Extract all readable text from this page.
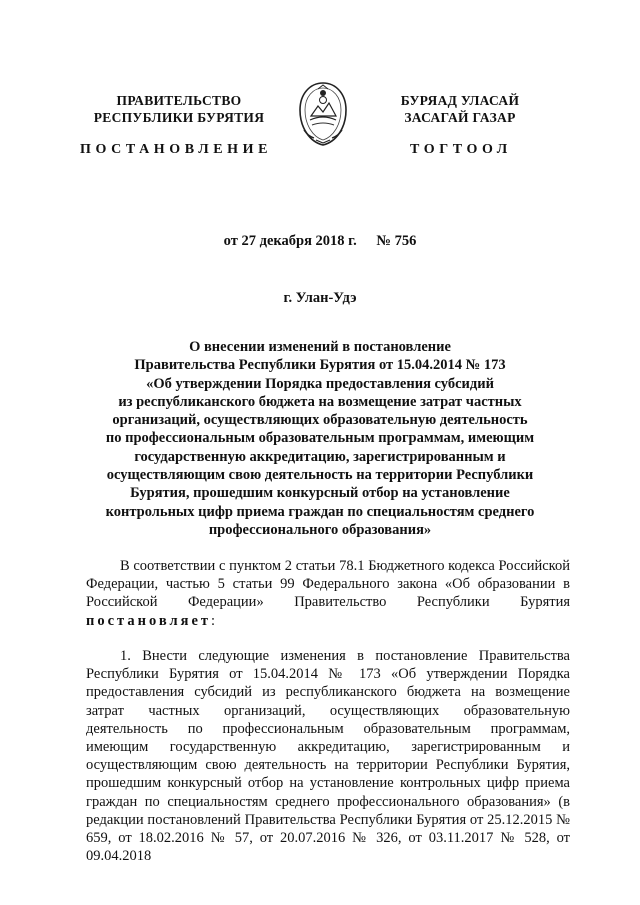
ПРАВИТЕЛЬСТВО
РЕСПУБЛИКИ БУРЯТИЯ
БУРЯАД УЛАСАЙ
ЗАСАГАЙ ГАЗАР
ПОСТАНОВЛЕНИЕ	ТОГТООЛ
от 27 декабря 2018 г. № 756
г. Улан-Удэ
О внесении изменений в постановление
Правительства Республики Бурятия от 15.04.2014 № 173
«Об утверждении Порядка предоставления субсидий
из республиканского бюджета на возмещение затрат частных
организаций, осуществляющих образовательную деятельность
по профессиональным образовательным программам, имеющим
государственную аккредитацию, зарегистрированным и
осуществляющим свою деятельность на территории Республики
Бурятия, прошедшим конкурсный отбор на установление
контрольных цифр приема граждан по специальностям среднего
профессионального образования»
В соответствии с пунктом 2 статьи 78.1 Бюджетного кодекса Российской Федерации, частью 5 статьи 99 Федерального закона «Об образовании в Российской Федерации» Правительство Республики Бурятия постановляет:
1. Внести следующие изменения в постановление Правительства Республики Бурятия от 15.04.2014 № 173 «Об утверждении Порядка предоставления субсидий из республиканского бюджета на возмещение затрат частных организаций, осуществляющих образовательную деятельность по профессиональным образовательным программам, имеющим государственную аккредитацию, зарегистрированным и осуществляющим свою деятельность на территории Республики Бурятия, прошедшим конкурсный отбор на установление контрольных цифр приема граждан по специальностям среднего профессионального образования» (в редакции постановлений Правительства Республики Бурятия от 25.12.2015 № 659, от 18.02.2016 № 57, от 20.07.2016 № 326, от 03.11.2017 № 528, от 09.04.2018
